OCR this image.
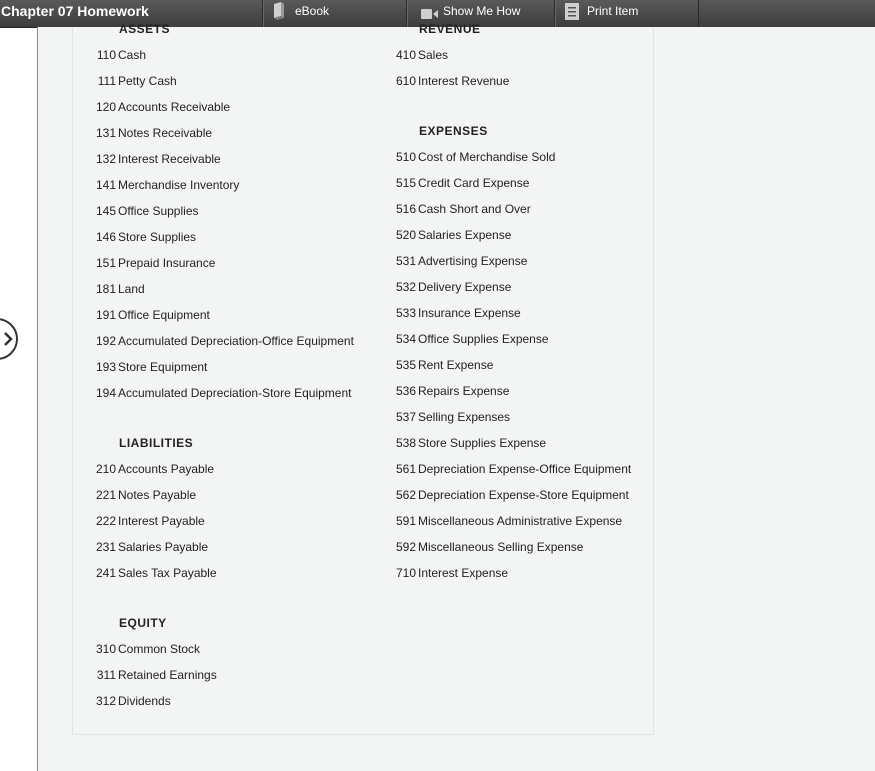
Chapter 07 Homework	eBook	Show Me How	Print Item
ASSETS
110 Cash
111 Petty Cash
120 Accounts Receivable
131 Notes Receivable
132 Interest Receivable
141 Merchandise Inventory
145 Office Supplies
146 Store Supplies
151 Prepaid Insurance
181 Land
191 Office Equipment
192 Accumulated Depreciation-Office Equipment
193 Store Equipment
194 Accumulated Depreciation-Store Equipment
LIABILITIES
210 Accounts Payable
221 Notes Payable
222 Interest Payable
231 Salaries Payable
241 Sales Tax Payable
EQUITY
310 Common Stock
311 Retained Earnings
312 Dividends
REVENUE
410 Sales
610 Interest Revenue
EXPENSES
510 Cost of Merchandise Sold
515 Credit Card Expense
516 Cash Short and Over
520 Salaries Expense
531 Advertising Expense
532 Delivery Expense
533 Insurance Expense
534 Office Supplies Expense
535 Rent Expense
536 Repairs Expense
537 Selling Expenses
538 Store Supplies Expense
561 Depreciation Expense-Office Equipment
562 Depreciation Expense-Store Equipment
591 Miscellaneous Administrative Expense
592 Miscellaneous Selling Expense
710 Interest Expense
